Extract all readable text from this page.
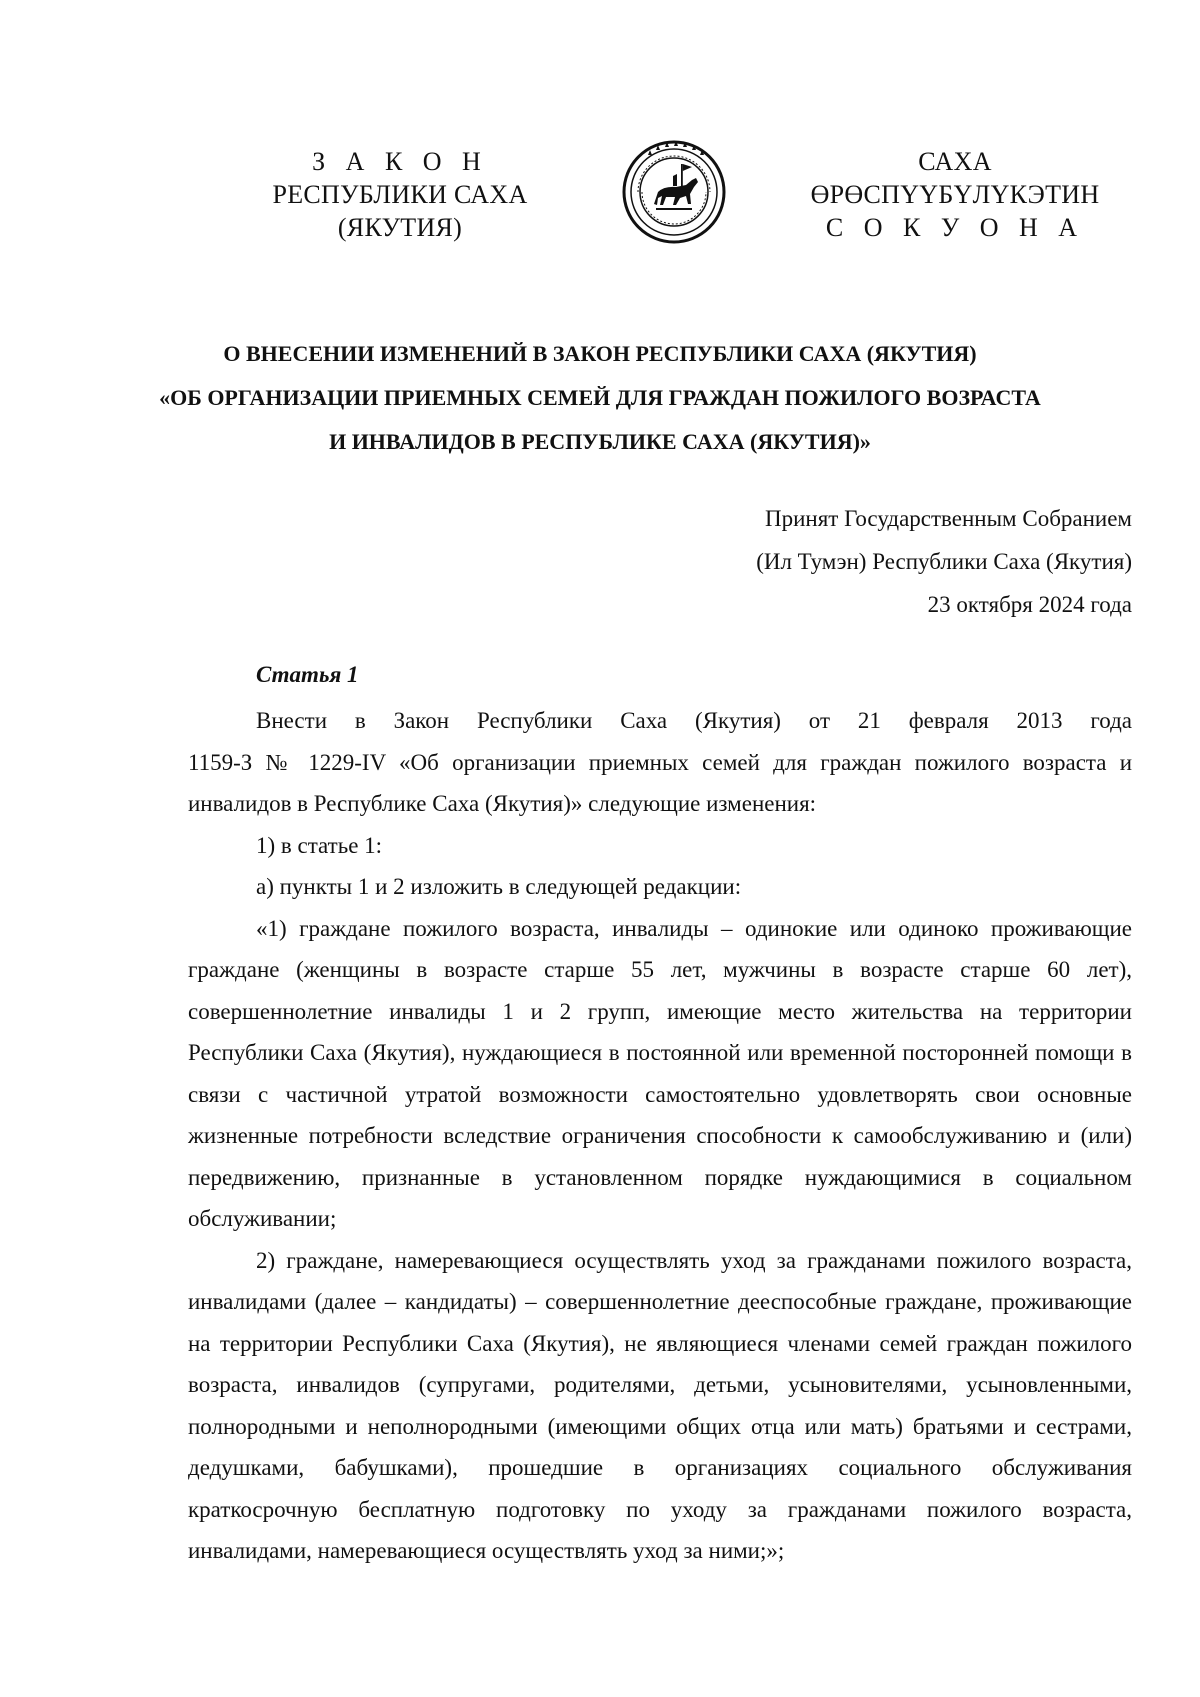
З А К О Н
РЕСПУБЛИКИ САХА (ЯКУТИЯ)
САХА ӨРӨСПҮҮБҮЛҮКЭТИН
С О К У О Н А
О ВНЕСЕНИИ ИЗМЕНЕНИЙ В ЗАКОН РЕСПУБЛИКИ САХА (ЯКУТИЯ)
«ОБ ОРГАНИЗАЦИИ ПРИЕМНЫХ СЕМЕЙ ДЛЯ ГРАЖДАН ПОЖИЛОГО ВОЗРАСТА
И ИНВАЛИДОВ В РЕСПУБЛИКЕ САХА (ЯКУТИЯ)»
Принят Государственным Собранием
(Ил Тумэн) Республики Саха (Якутия)
23 октября 2024 года
Статья 1
Внести в Закон Республики Саха (Якутия) от 21 февраля 2013 года

1159-З № 1229-IV «Об организации приемных семей для граждан пожилого возраста и инвалидов в Республике Саха (Якутия)» следующие изменения:

1) в статье 1:

а) пункты 1 и 2 изложить в следующей редакции:

«1) граждане пожилого возраста, инвалиды – одинокие или одиноко проживающие граждане (женщины в возрасте старше 55 лет, мужчины в возрасте старше 60 лет), совершеннолетние инвалиды 1 и 2 групп, имеющие место жительства на территории Республики Саха (Якутия), нуждающиеся в постоянной или временной посторонней помощи в связи с частичной утратой возможности самостоятельно удовлетворять свои основные жизненные потребности вследствие ограничения способности к самообслуживанию и (или) передвижению, признанные в установленном порядке нуждающимися в социальном обслуживании;

2) граждане, намеревающиеся осуществлять уход за гражданами пожилого возраста, инвалидами (далее – кандидаты) – совершеннолетние дееспособные граждане, проживающие на территории Республики Саха (Якутия), не являющиеся членами семей граждан пожилого возраста, инвалидов (супругами, родителями, детьми, усыновителями, усыновленными, полнородными и неполнородными (имеющими общих отца или мать) братьями и сестрами, дедушками, бабушками), прошедшие в организациях социального обслуживания краткосрочную бесплатную подготовку по уходу за гражданами пожилого возраста, инвалидами, намеревающиеся осуществлять уход за ними;»;
